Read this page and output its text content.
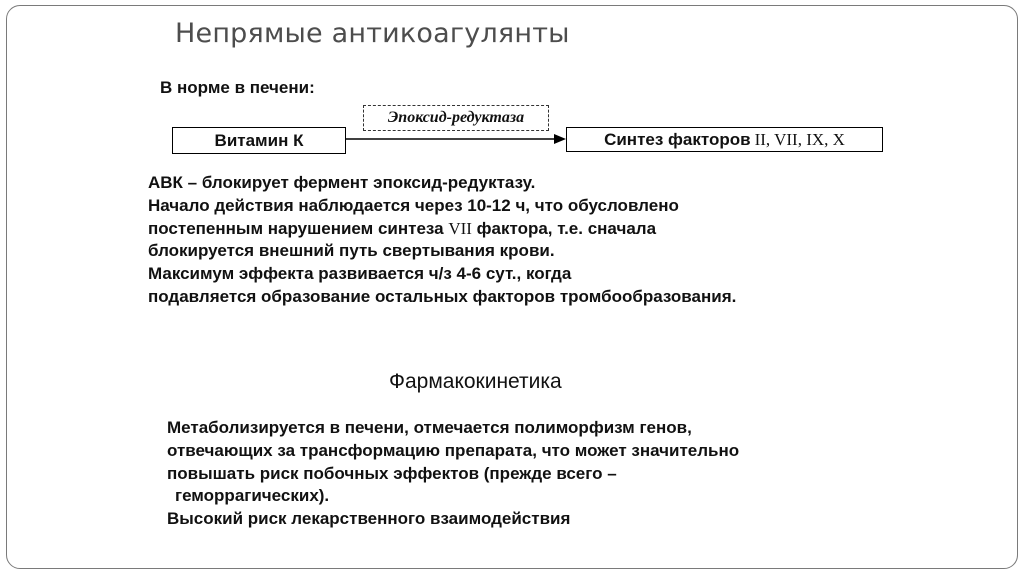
Непрямые антикоагулянты
В норме в печени:
Витамин К
Эпоксид-редуктаза
Синтез факторов II, VII, IX, X
АВК – блокирует фермент эпоксид-редуктазу.
Начало действия наблюдается через 10-12 ч, что обусловлено
постепенным нарушением синтеза VII фактора, т.е. сначала
блокируется внешний путь свертывания крови.
Максимум эффекта развивается ч/з 4-6 сут., когда
подавляется образование остальных факторов тромбообразования.
Фармакокинетика
Метаболизируется в печени, отмечается полиморфизм генов,
отвечающих за трансформацию препарата, что может значительно
повышать риск побочных эффектов (прежде всего –
геморрагических).
Высокий риск лекарственного взаимодействия
